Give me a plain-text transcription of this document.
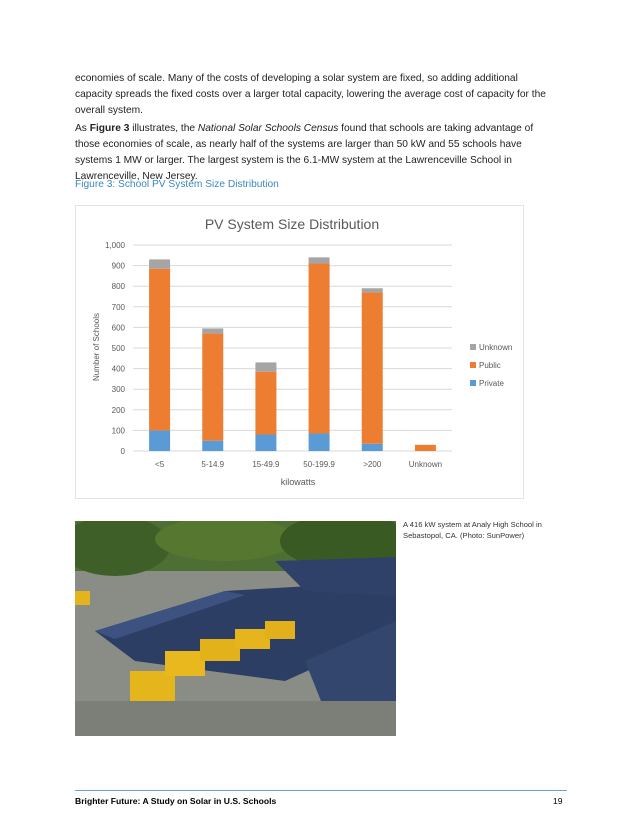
economies of scale. Many of the costs of developing a solar system are fixed, so adding additional capacity spreads the fixed costs over a larger total capacity, lowering the average cost of capacity for the overall system.
As Figure 3 illustrates, the National Solar Schools Census found that schools are taking advantage of those economies of scale, as nearly half of the systems are larger than 50 kW and 55 schools have systems 1 MW or larger. The largest system is the 6.1-MW system at the Lawrenceville School in Lawrenceville, New Jersey.
Figure 3: School PV System Size Distribution
0
100
200
300
400
500
600
700
800
900
1,000
<5	5-14.9	15-49.9	50-199.9	>200	Unknown
Unknown
Public
Private
PV System Size Distribution
kilowatts
Number of Schools
A 416 kW system at Analy High School in Sebastopol, CA. (Photo: SunPower)
Brighter Future: A Study on Solar in U.S. Schools	19
